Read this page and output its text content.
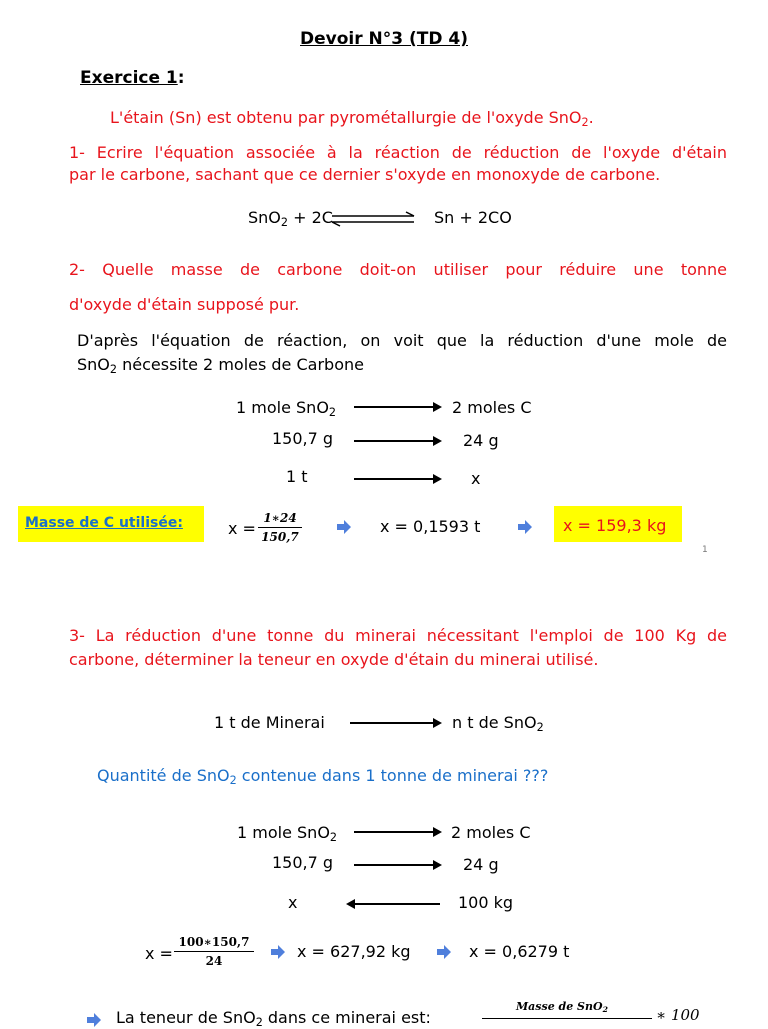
Devoir N°3 (TD 4)
Exercice 1:
L'étain (Sn) est obtenu par pyrométallurgie de l'oxyde SnO$_2$.
1- Ecrire l'équation associée à la réaction de réduction de l'oxyde d'étain
par le carbone, sachant que ce dernier s'oxyde en monoxyde de carbone.
SnO$_2$ + 2C	Sn + 2CO
2- Quelle masse de carbone doit-on utiliser pour réduire une tonne
d'oxyde d'étain supposé pur.
D'après l'équation de réaction, on voit que la réduction d'une mole de
SnO$_2$ nécessite 2 moles de Carbone
1 mole SnO$_2$	2 moles C
150,7 g	24 g
1 t	x
Masse de C utilisée:	x =
1∗24
150,7
x = 0,1593 t	x = 159,3 kg
1
3- La réduction d'une tonne du minerai nécessitant l'emploi de 100 Kg de
carbone, déterminer la teneur en oxyde d'étain du minerai utilisé.
1 t de Minerai	n t de SnO$_2$
Quantité de SnO$_2$ contenue dans 1 tonne de minerai ???
1 mole SnO$_2$	2 moles C
150,7 g	24 g
x	100 kg
x =
100∗150,7
24	x = 627,92 kg	x = 0,6279 t
La teneur de SnO$_2$ dans ce minerai est:
Masse de SnO$_2$	∗ 100
